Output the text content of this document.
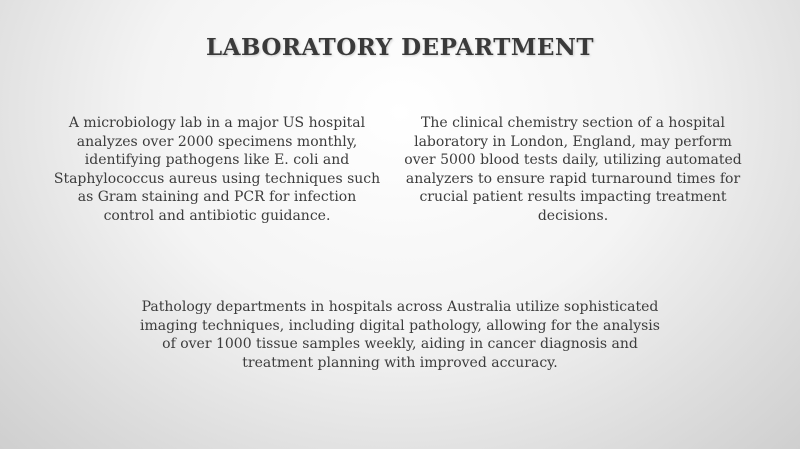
LABORATORY DEPARTMENT
A microbiology lab in a major US hospital analyzes over 2000 specimens monthly, identifying pathogens like E. coli and Staphylococcus aureus using techniques such as Gram staining and PCR for infection control and antibiotic guidance.
The clinical chemistry section of a hospital laboratory in London, England, may perform over 5000 blood tests daily, utilizing automated analyzers to ensure rapid turnaround times for crucial patient results impacting treatment decisions.
Pathology departments in hospitals across Australia utilize sophisticated imaging techniques, including digital pathology, allowing for the analysis of over 1000 tissue samples weekly, aiding in cancer diagnosis and treatment planning with improved accuracy.
